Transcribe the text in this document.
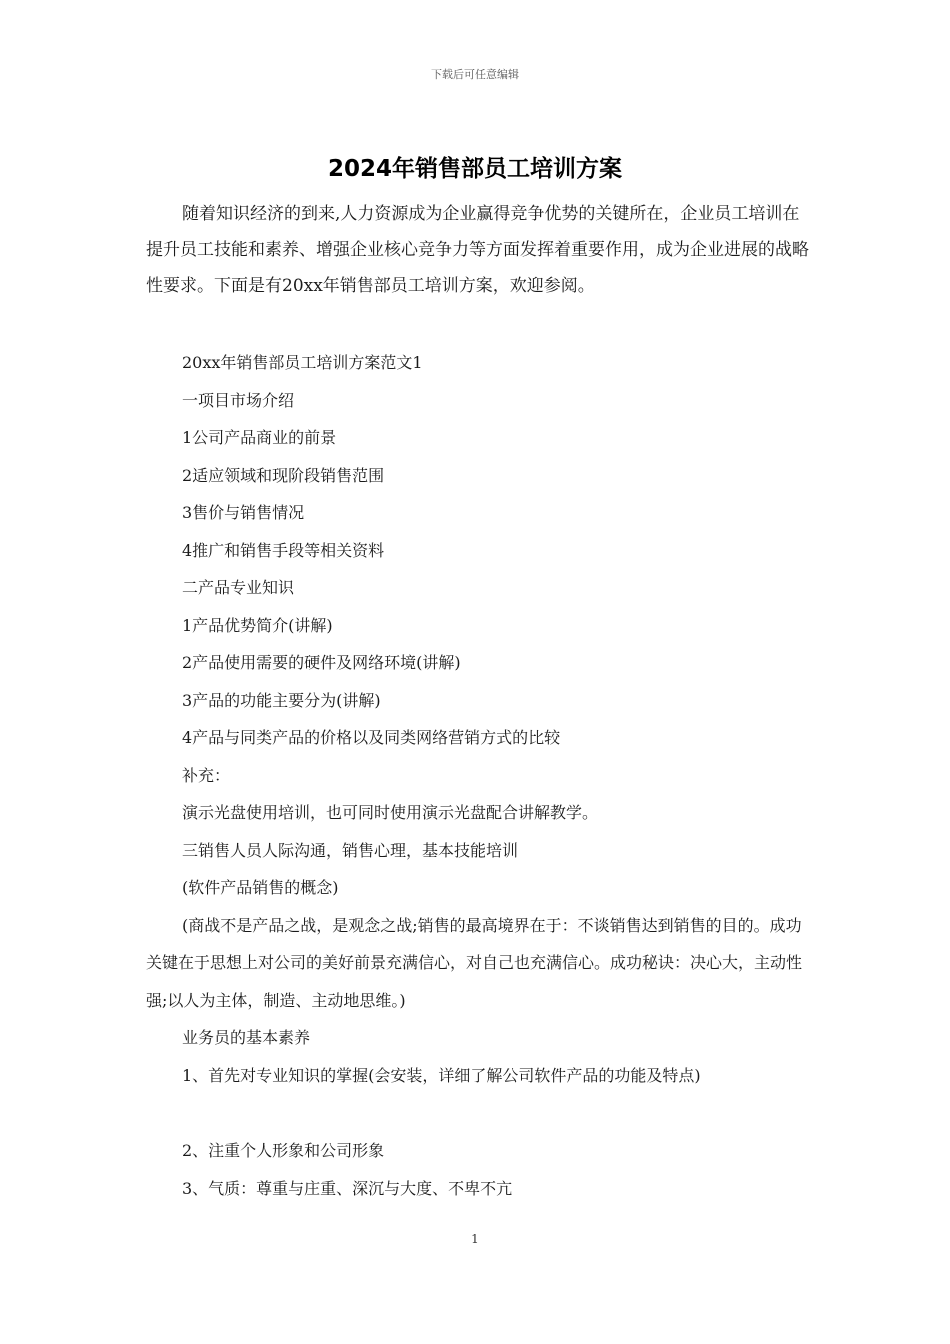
下载后可任意编辑
2024年销售部员工培训方案

随着知识经济的到来,人力资源成为企业赢得竞争优势的关键所在，企业员工培训在提升员工技能和素养、增强企业核心竞争力等方面发挥着重要作用，成为企业进展的战略性要求。下面是有20xx年销售部员工培训方案，欢迎参阅。

20xx年销售部员工培训方案范文1

一项目市场介绍

1公司产品商业的前景

2适应领域和现阶段销售范围

3售价与销售情况

4推广和销售手段等相关资料

二产品专业知识

1产品优势简介(讲解)

2产品使用需要的硬件及网络环境(讲解)

3产品的功能主要分为(讲解)

4产品与同类产品的价格以及同类网络营销方式的比较

补充：

演示光盘使用培训，也可同时使用演示光盘配合讲解教学。

三销售人员人际沟通，销售心理，基本技能培训

(软件产品销售的概念)

(商战不是产品之战，是观念之战;销售的最高境界在于：不谈销售达到销售的目的。成功关键在于思想上对公司的美好前景充满信心，对自己也充满信心。成功秘诀：决心大，主动性强;以人为主体，制造、主动地思维。)

业务员的基本素养

1、首先对专业知识的掌握(会安装，详细了解公司软件产品的功能及特点)

2、注重个人形象和公司形象

3、气质：尊重与庄重、深沉与大度、不卑不亢

1
